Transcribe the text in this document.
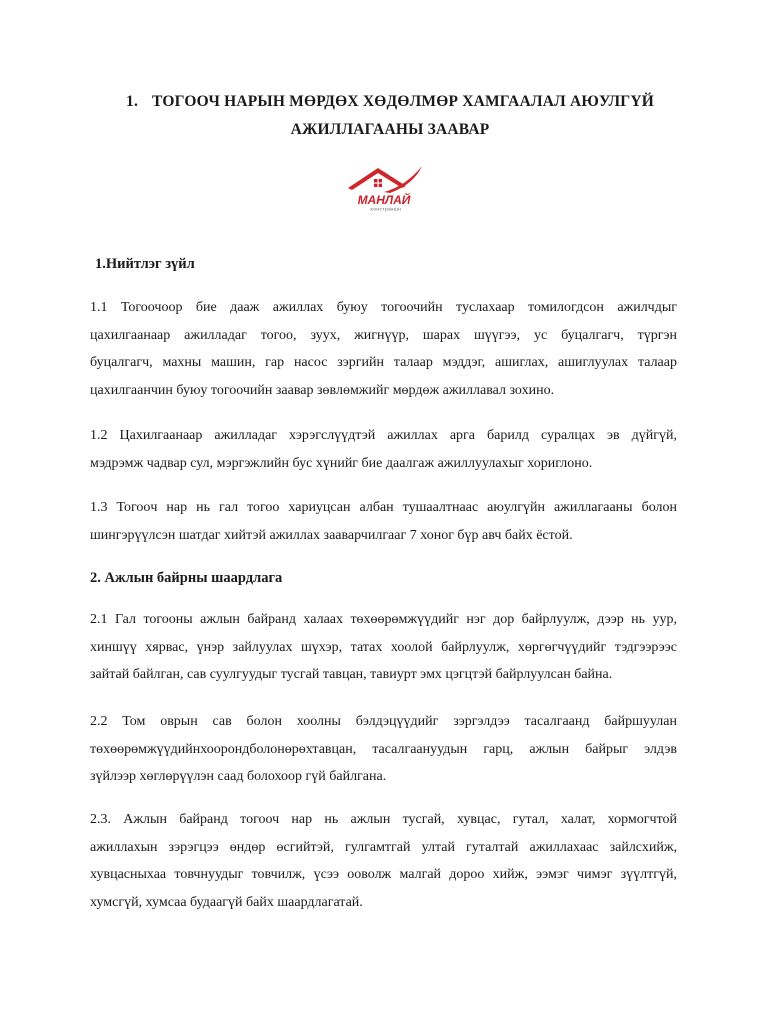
1. ТОГООЧ НАРЫН МӨРДӨХ ХӨДӨЛМӨР ХАМГААЛАЛ АЮУЛГҮЙ
АЖИЛЛАГААНЫ ЗААВАР
МАНЛАЙ
констракшн
1.Нийтлэг зүйл
1.1 Тогоочоор бие дааж ажиллах буюу тогоочийн туслахаар томилогдсон ажилчдыг
цахилгаанаар ажилладаг тогоо, зуух, жигнүүр, шарах шүүгээ, ус буцалгагч, түргэн
буцалгагч, махны машин, гар насос зэргийн талаар мэддэг, ашиглах, ашиглуулах талаар
цахилгаанчин буюу тогоочийн заавар зөвлөмжийг мөрдөж ажиллавал зохино.
1.2 Цахилгаанаар ажилладаг хэрэгслүүдтэй ажиллах арга барилд суралцах эв дүйгүй,
мэдрэмж чадвар сул, мэргэжлийн бус хүнийг бие даалгаж ажиллуулахыг хориглоно.
1.3 Тогоoч нар нь гал тогоо хариуцсан албан тушаалтнаас аюулгүйн ажиллагааны болон
шингэрүүлсэн шатдаг хийтэй ажиллах зааварчилгааг 7 хоног бүр авч байх ёстой.
2. Ажлын байрны шаардлага
2.1 Гал тогооны ажлын байранд халаах төхөөрөмжүүдийг нэг дор байрлуулж, дээр нь уур,
хиншүү хярвас, үнэр зайлуулах шүхэр, татах хоолой байрлуулж, хөргөгчүүдийг тэдгээрээс
зайтай байлган, сав суулгуудыг тусгай тавцан, тавиурт эмх цэгцтэй байрлуулсан байна.
2.2 Том оврын сав болон хоолны бэлдэцүүдийг зэргэлдээ тасалгаанд байршуулан
төхөөрөмжүүдийнхоорондболонөрөхтавцан, тасалгаануудын гарц, ажлын байрыг элдэв
зүйлээр хөглөрүүлэн саад болохоор гүй байлгана.
2.3. Ажлын байранд тогооч нар нь ажлын тусгай, хувцас, гутал, халат, хормогчтой
ажиллахын зэрэгцээ өндөр өсгийтэй, гулгамтгай ултай гуталтай ажиллахаас зайлсхийж,
хувцасныхаа товчнуудыг товчилж, үсээ ооволж малгай дороо хийж, ээмэг чимэг зүүлтгүй,
хумсгүй, хумсаа будаагүй байх шаардлагатай.
